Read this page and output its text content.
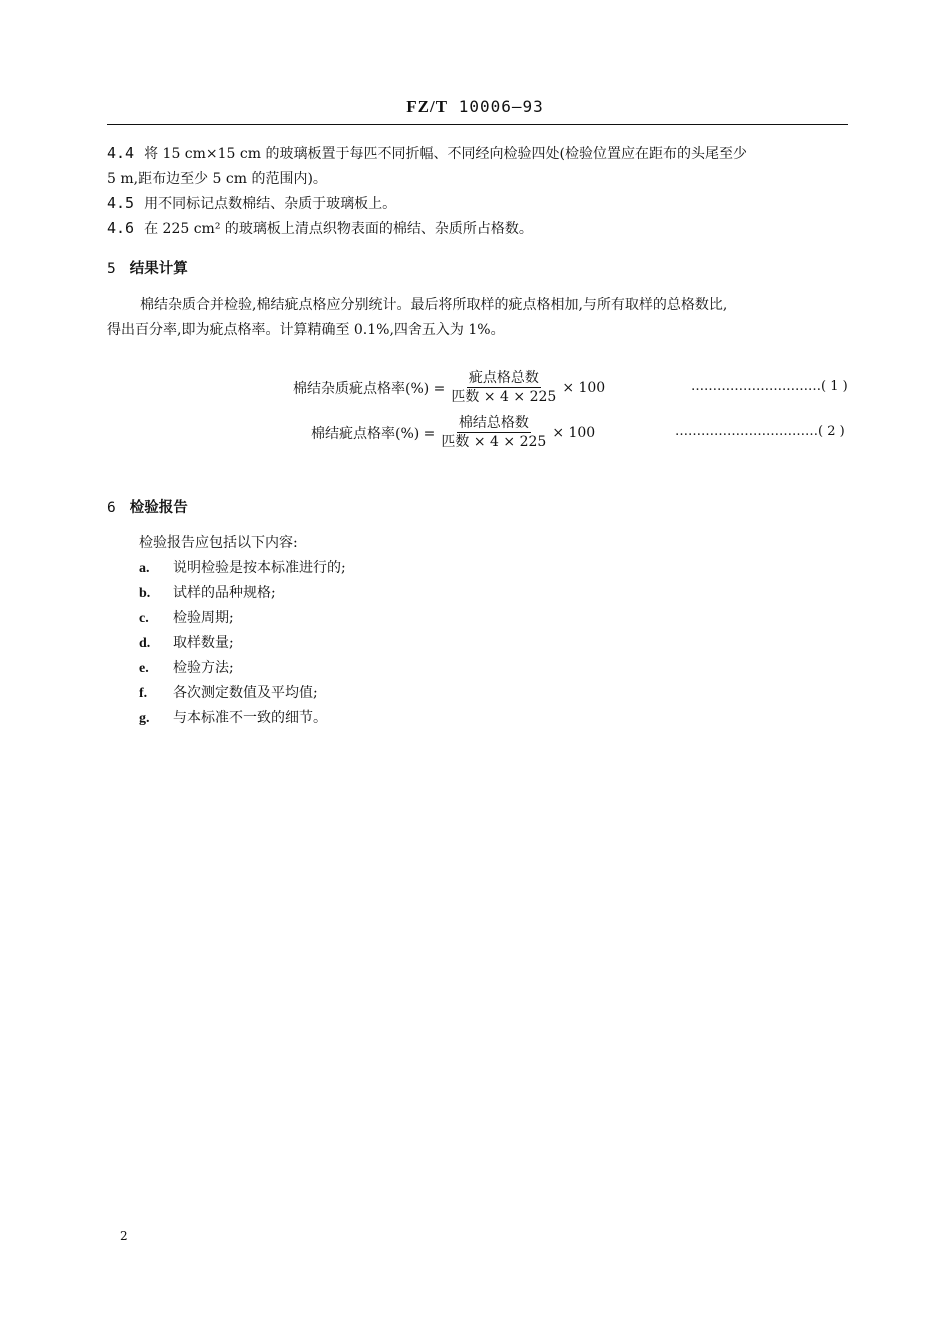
FZ/T 10006—93
4.4 将 15 cm×15 cm 的玻璃板置于每匹不同折幅、不同经向检验四处(检验位置应在距布的头尾至少
5 m,距布边至少 5 cm 的范围内)。
4.5 用不同标记点数棉结、杂质于玻璃板上。
4.6 在 225 cm² 的玻璃板上清点织物表面的棉结、杂质所占格数。
5 结果计算
棉结杂质合并检验,棉结疵点格应分别统计。最后将所取样的疵点格相加,与所有取样的总格数比,
得出百分率,即为疵点格率。计算精确至 0.1%,四舍五入为 1%。
棉结杂质疵点格率(%) = $\frac{\text{疵点格总数}}{\text{匹数 × 4 × 225}} \times 100$	…………………………( 1 )
棉结疵点格率(%) = $\frac{\text{棉结总格数}}{\text{匹数 × 4 × 225}} \times 100$	……………………………( 2 )
6 检验报告
检验报告应包括以下内容:
a. 说明检验是按本标准进行的;
b. 试样的品种规格;
c. 检验周期;
d. 取样数量;
e. 检验方法;
f. 各次测定数值及平均值;
g. 与本标准不一致的细节。
2
